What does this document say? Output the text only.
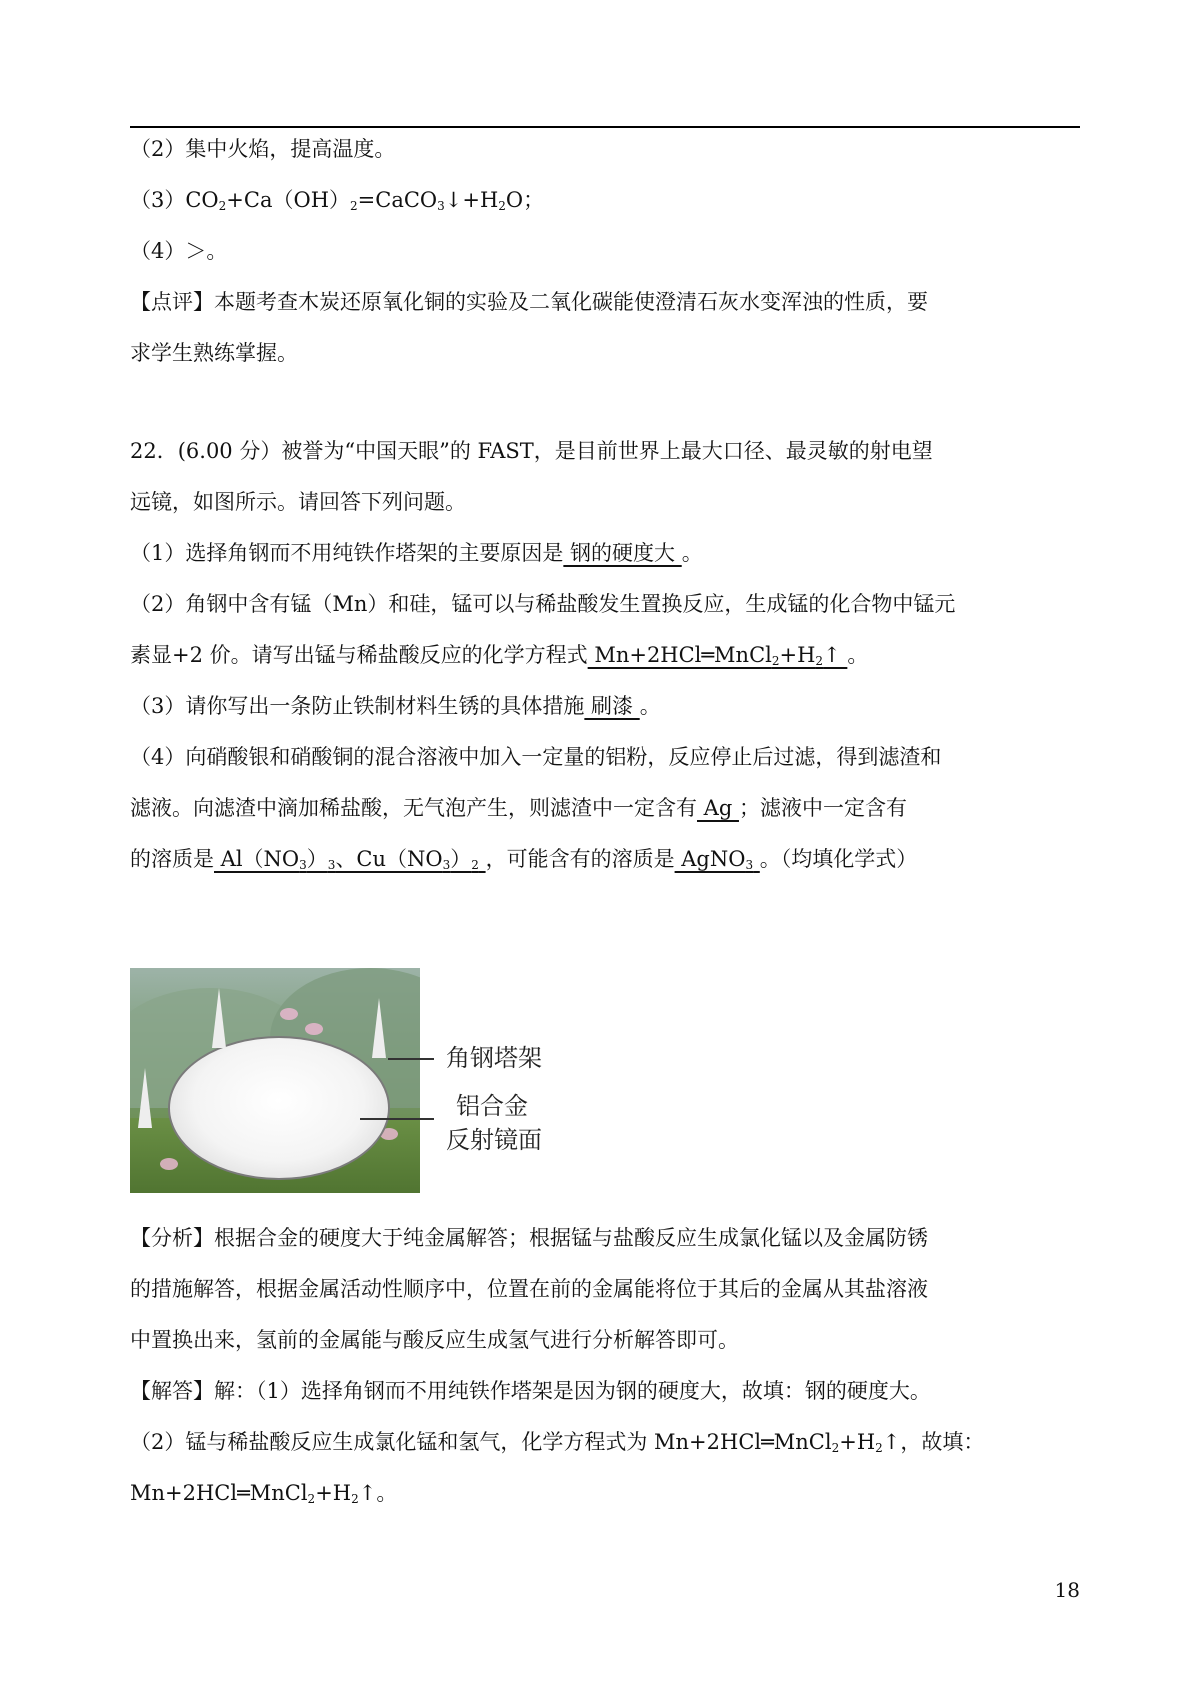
（2）集中火焰，提高温度。
$(3)CO_2+Ca(OH)_2=CaCO_3↓+H_2O$；
（4）＞。
【点评】本题考查木炭还原氧化铜的实验及二氧化碳能使澄清石灰水变浑浊的性质，要
求学生熟练掌握。
22．(6.00 分）被誉为“中国天眼”的 FAST，是目前世界上最大口径、最灵敏的射电望
远镜，如图所示。请回答下列问题。
（1）选择角钢而不用纯铁作塔架的主要原因是 钢的硬度大 。
（2）角钢中含有锰（Mn）和硅，锰可以与稀盐酸发生置换反应，生成锰的化合物中锰元
素显+2 价。请写出锰与稀盐酸反应的化学方程式 $Mn+2HCl═MnCl_2+H_2↑$ 。
（3）请你写出一条防止铁制材料生锈的具体措施 刷漆 。
（4）向硝酸银和硝酸铜的混合溶液中加入一定量的铝粉，反应停止后过滤，得到滤渣和
滤液。向滤渣中滴加稀盐酸，无气泡产生，则滤渣中一定含有 Ag ；滤液中一定含有
的溶质是 $Al(NO_3)_3$、$Cu(NO_3)_2$ ，可能含有的溶质是 AgNO$_3$ 。（均填化学式）
角钢塔架
铝合金
反射镜面
【分析】根据合金的硬度大于纯金属解答；根据锰与盐酸反应生成氯化锰以及金属防锈
的措施解答，根据金属活动性顺序中，位置在前的金属能将位于其后的金属从其盐溶液
中置换出来，氢前的金属能与酸反应生成氢气进行分析解答即可。
【解答】解：（1）选择角钢而不用纯铁作塔架是因为钢的硬度大，故填：钢的硬度大。
（2）锰与稀盐酸反应生成氯化锰和氢气，化学方程式为 $Mn+2HCl═MnCl_2+H_2↑$，故填：
$Mn+2HCl═MnCl_2+H_2↑$。
18
